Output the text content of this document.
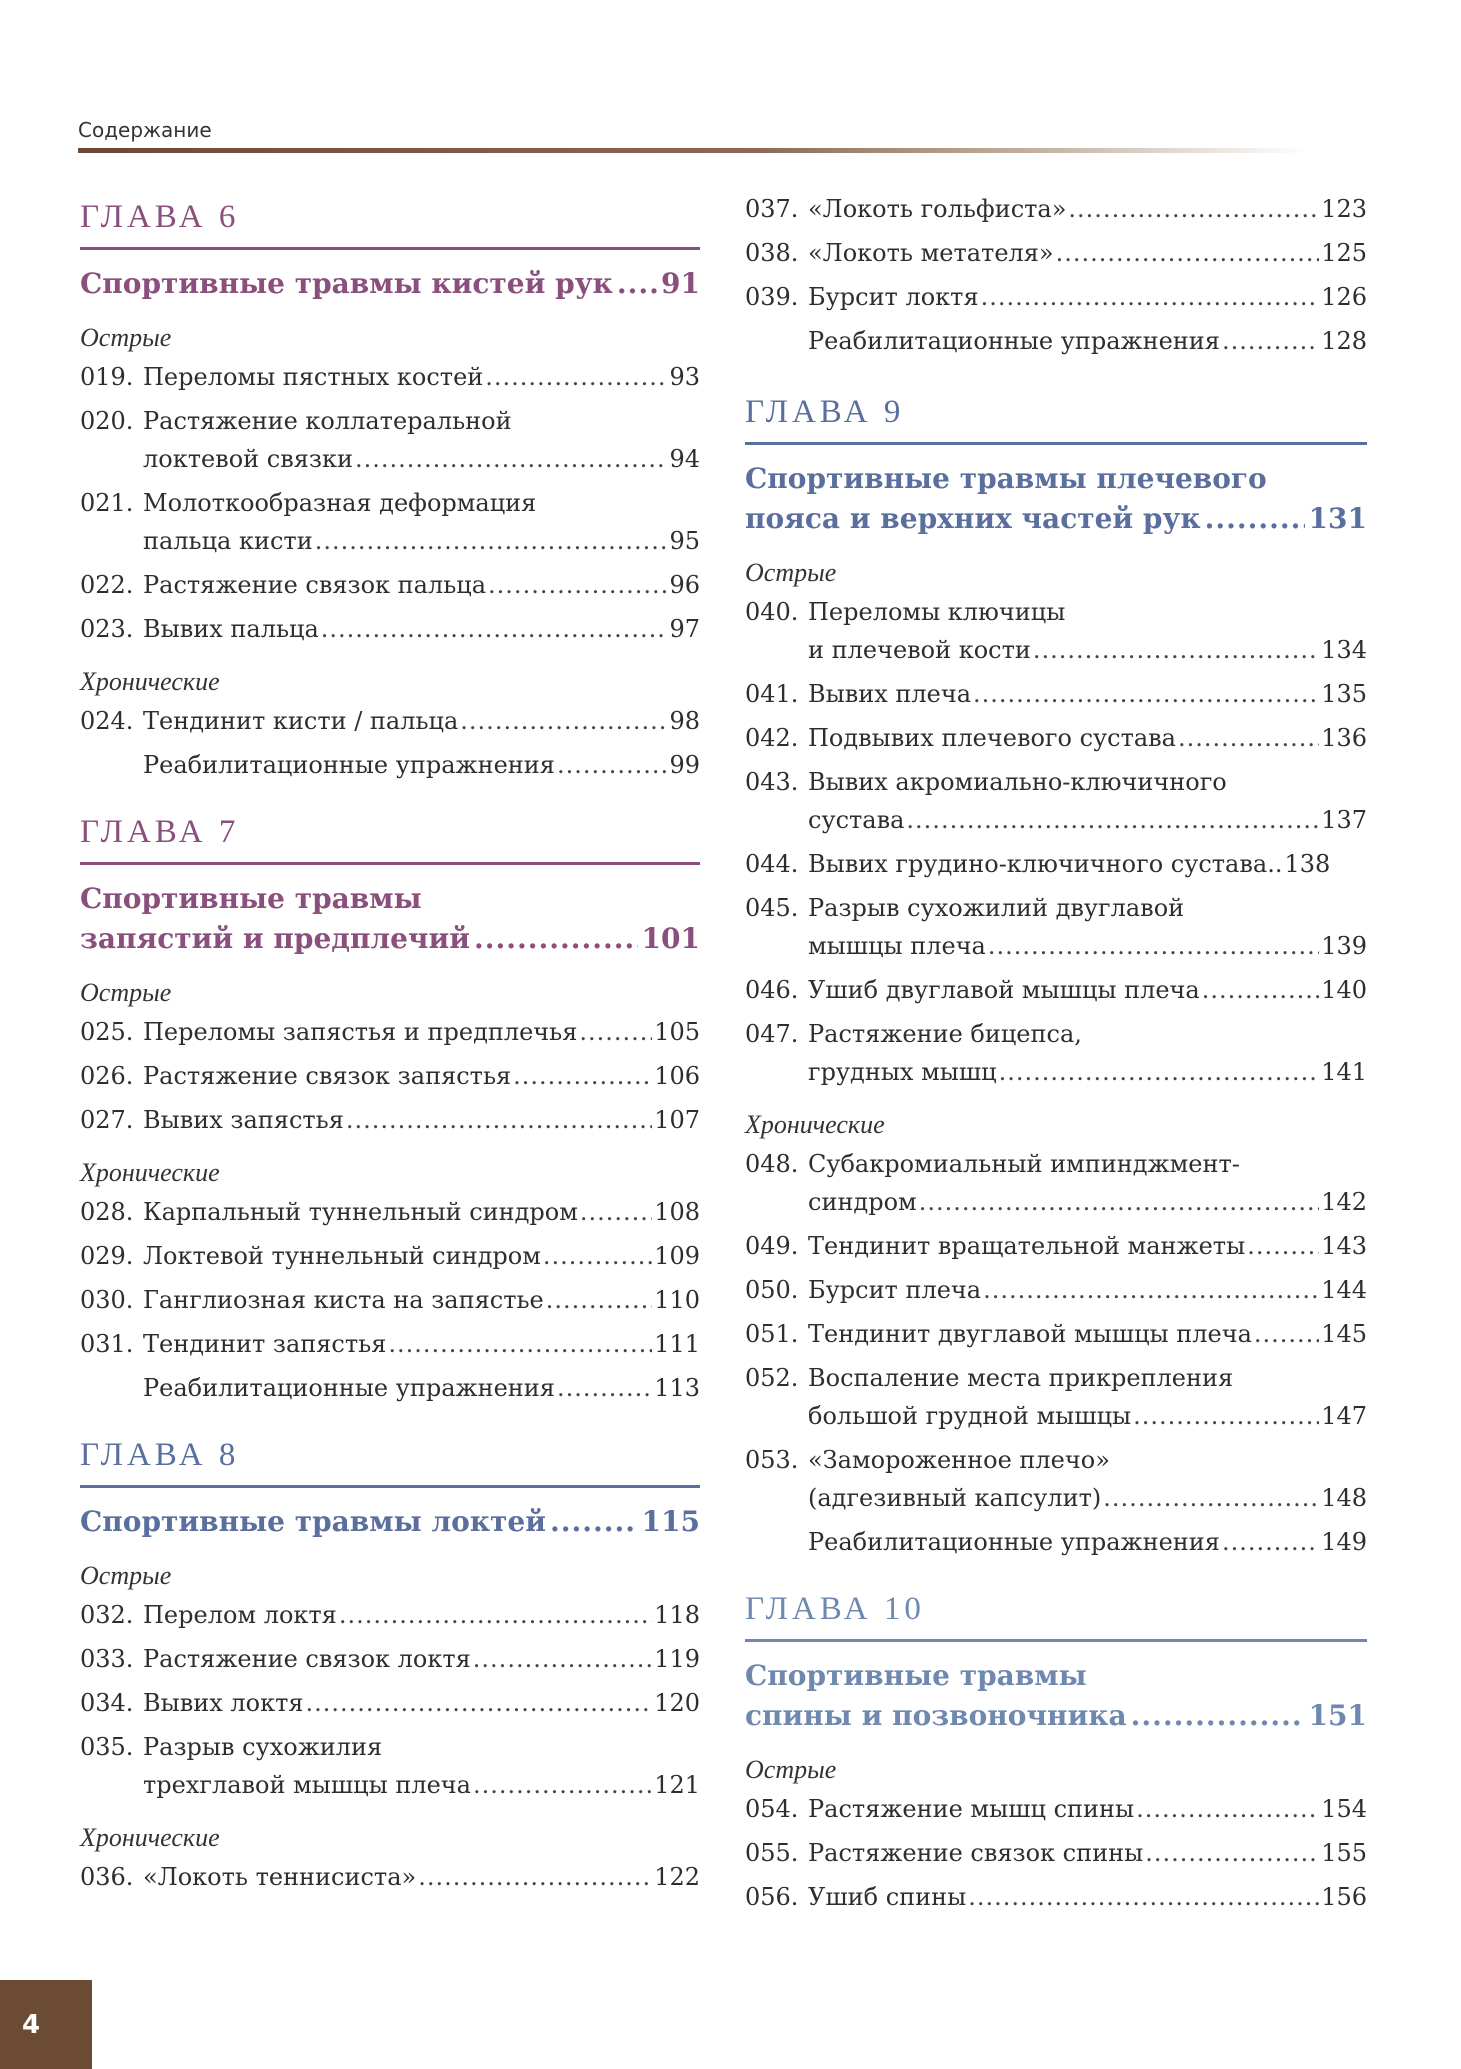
Содержание
ГЛАВА 6
Спортивные травмы кистей рук ..... 91
Острые
019. Переломы пястных костей .....	93
020. Растяжение коллатеральной
локтевой связки .....	94
021. Молоткообразная деформация
пальца кисти .....	95
022. Растяжение связок пальца .....	96
023. Вывих пальца .....	97
Хронические
024. Тендинит кисти / пальца .....	98
Реабилитационные упражнения .....	99
ГЛАВА 7
Спортивные травмы
запястий и предплечий .....	101
Острые
025. Переломы запястья и предплечья .....	105
026. Растяжение связок запястья .....	106
027. Вывих запястья .....	107
Хронические
028. Карпальный туннельный синдром .....	108
029. Локтевой туннельный синдром .....	109
030. Ганглиозная киста на запястье .....	110
031. Тендинит запястья .....	111
Реабилитационные упражнения .....	113
ГЛАВА 8
Спортивные травмы локтей .....	115
Острые
032. Перелом локтя .....	118
033. Растяжение связок локтя .....	119
034. Вывих локтя .....	120
035. Разрыв сухожилия
трехглавой мышцы плеча .....	121
Хронические
036. «Локоть теннисиста» .....	122
037. «Локоть гольфиста» .....	123
038. «Локоть метателя» .....	125
039. Бурсит локтя .....	126
Реабилитационные упражнения .....	128
ГЛАВА 9
Спортивные травмы плечевого
пояса и верхних частей рук .....	131
Острые
040. Переломы ключицы
и плечевой кости .....	134
041. Вывих плеча .....	135
042. Подвывих плечевого сустава .....	136
043. Вывих акромиально-ключичного
сустава .....	137
044. Вывих грудино-ключичного сустава .. 138
045. Разрыв сухожилий двуглавой
мышцы плеча .....	139
046. Ушиб двуглавой мышцы плеча .....	140
047. Растяжение бицепса,
грудных мышц .....	141
Хронические
048. Субакромиальный импинджмент-
синдром .....	142
049. Тендинит вращательной манжеты .....	143
050. Бурсит плеча .....	144
051. Тендинит двуглавой мышцы плеча .....	145
052. Воспаление места прикрепления
большой грудной мышцы .....	147
053. «Замороженное плечо»
(адгезивный капсулит) .....	148
Реабилитационные упражнения .....	149
ГЛАВА 10
Спортивные травмы
спины и позвоночника .....	151
Острые
054. Растяжение мышц спины .....	154
055. Растяжение связок спины .....	155
056. Ушиб спины .....	156
4
